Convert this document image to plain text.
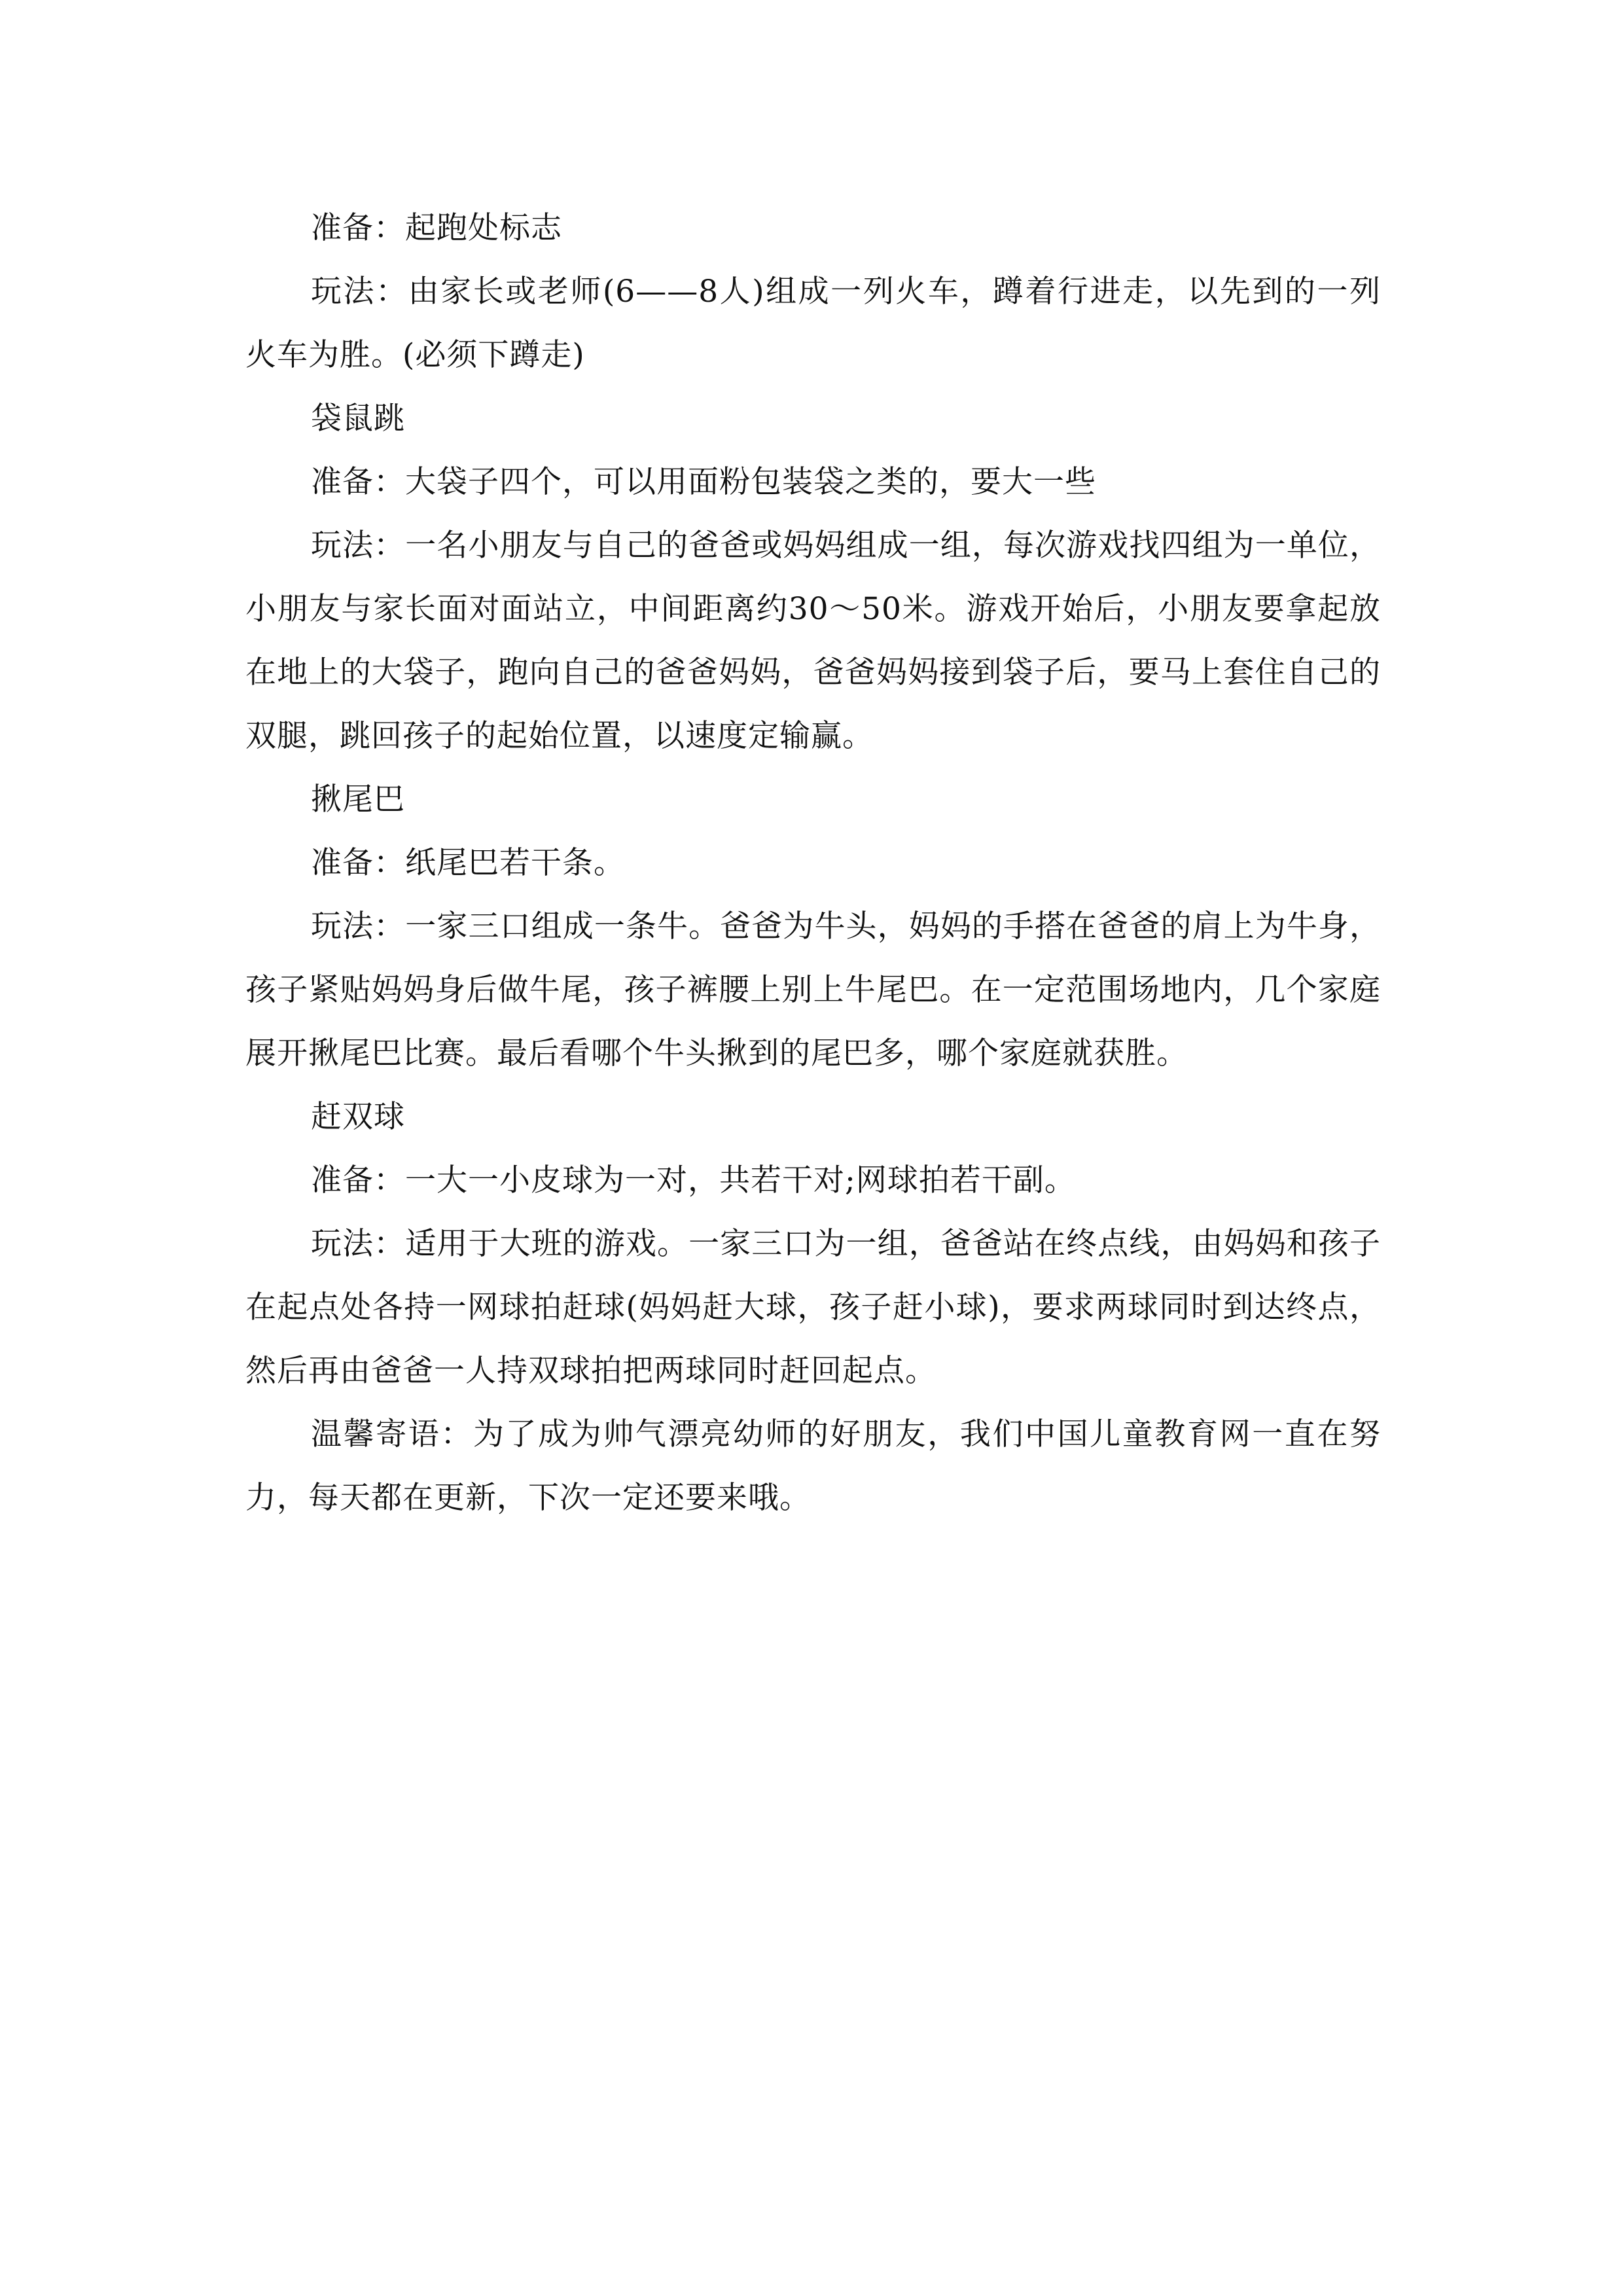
准备：起跑处标志

玩法：由家长或老师(6——8人)组成一列火车，蹲着行进走，以先到的一列火车为胜。(必须下蹲走)

袋鼠跳

准备：大袋子四个，可以用面粉包装袋之类的，要大一些

玩法：一名小朋友与自己的爸爸或妈妈组成一组，每次游戏找四组为一单位，小朋友与家长面对面站立，中间距离约30～50米。游戏开始后，小朋友要拿起放在地上的大袋子，跑向自己的爸爸妈妈，爸爸妈妈接到袋子后，要马上套住自己的双腿，跳回孩子的起始位置，以速度定输赢。

揪尾巴

准备：纸尾巴若干条。

玩法：一家三口组成一条牛。爸爸为牛头，妈妈的手搭在爸爸的肩上为牛身，孩子紧贴妈妈身后做牛尾，孩子裤腰上别上牛尾巴。在一定范围场地内，几个家庭展开揪尾巴比赛。最后看哪个牛头揪到的尾巴多，哪个家庭就获胜。

赶双球

准备：一大一小皮球为一对，共若干对;网球拍若干副。

玩法：适用于大班的游戏。一家三口为一组，爸爸站在终点线，由妈妈和孩子在起点处各持一网球拍赶球(妈妈赶大球，孩子赶小球)，要求两球同时到达终点，然后再由爸爸一人持双球拍把两球同时赶回起点。

温馨寄语：为了成为帅气漂亮幼师的好朋友，我们中国儿童教育网一直在努力，每天都在更新，下次一定还要来哦。
